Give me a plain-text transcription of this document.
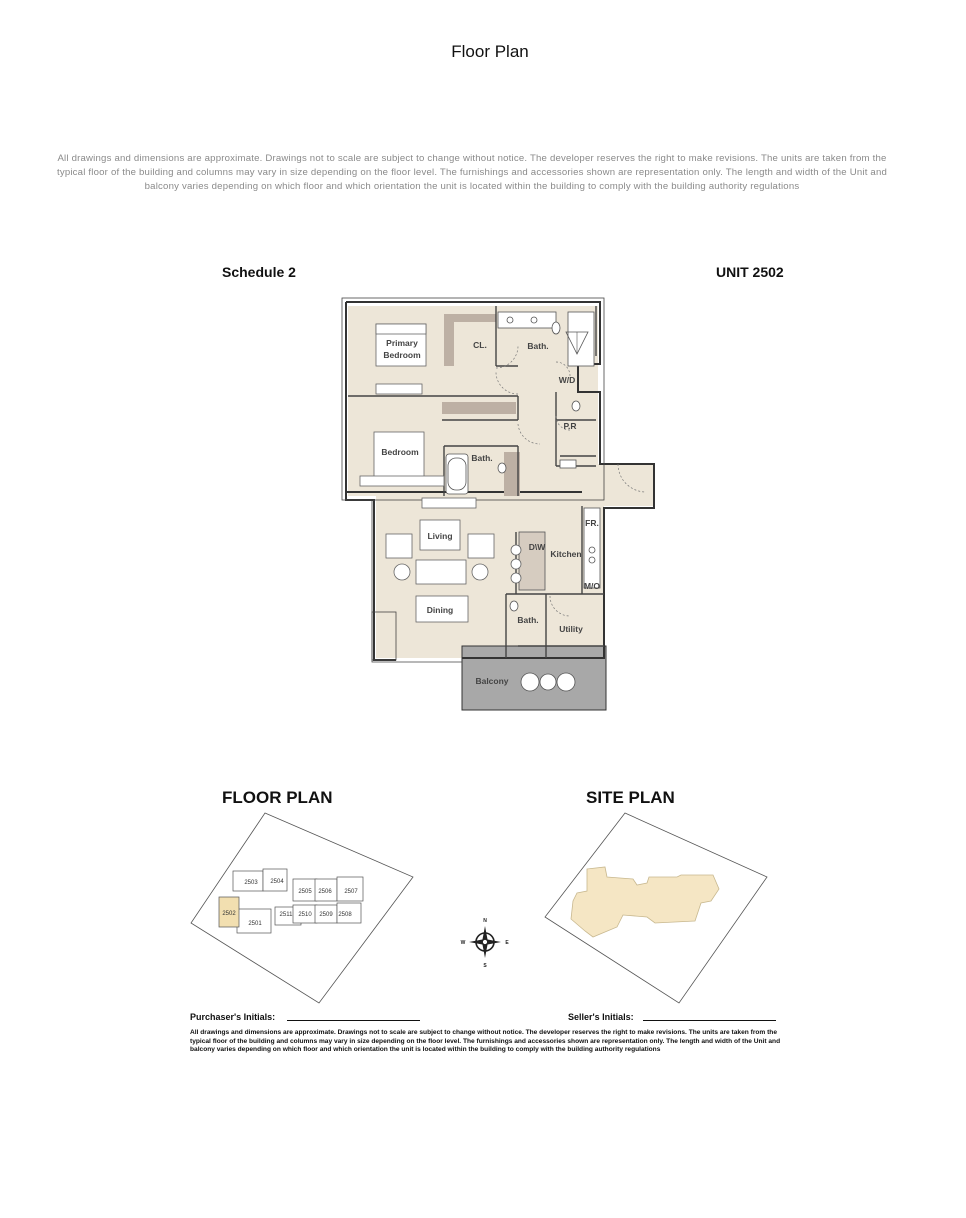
Floor Plan
All drawings and dimensions are approximate. Drawings not to scale are subject to change without notice. The developer reserves the right to make revisions. The units are taken from the typical floor of the building and columns may vary in size depending on the floor level. The furnishings and accessories shown are representation only. The length and width of the Unit and balcony varies depending on which floor and which orientation the unit is located within the building to comply with the building authority regulations
Schedule 2	UNIT 2502
Primary
Bedroom
CL.	Bath.
W/D
P.R
Bedroom
Bath.
Living
D\W
Kitchen
FR.
M/O
Dining
Bath.
Utility
Balcony
FLOOR PLAN	SITE PLAN
2503 2504
2505 2506 2507
2502
2501
2511 2510 2509 2508
N
S
E
W
Purchaser's Initials:	Seller's Initials:
All drawings and dimensions are approximate. Drawings not to scale are subject to change without notice. The developer reserves the right to make revisions. The units are taken from the typical floor of the building and columns may vary in size depending on the floor level. The furnishings and accessories shown are representation only. The length and width of the Unit and balcony varies depending on which floor and which orientation the unit is located within the building to comply with the building authority regulations
